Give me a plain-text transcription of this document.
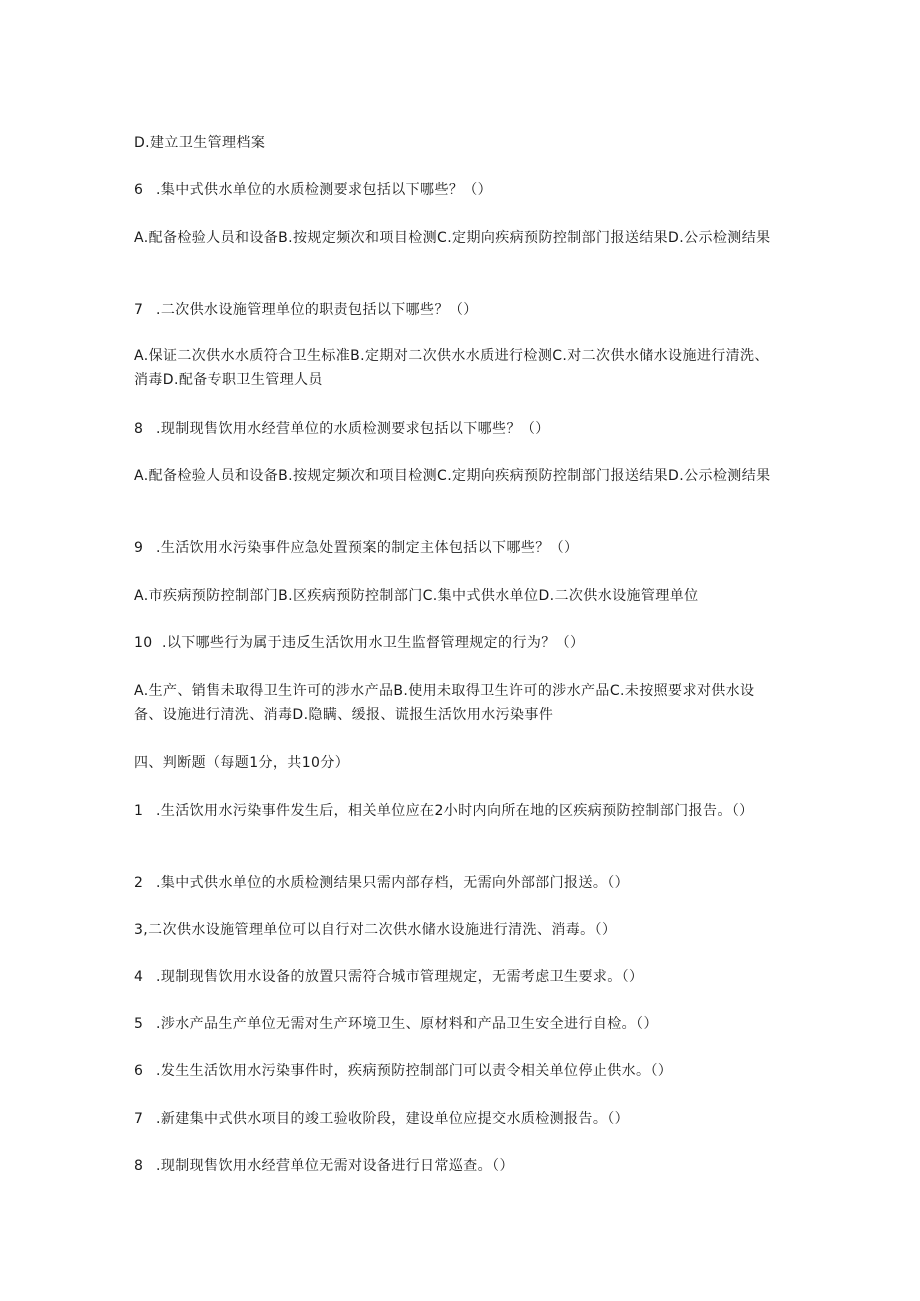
D.建立卫生管理档案
6 .集中式供水单位的水质检测要求包括以下哪些？（）
A.配备检验人员和设备B.按规定频次和项目检测C.定期向疾病预防控制部门报送结果D.公示检测结果
7 .二次供水设施管理单位的职责包括以下哪些？（）
A.保证二次供水水质符合卫生标准B.定期对二次供水水质进行检测C.对二次供水储水设施进行清洗、消毒D.配备专职卫生管理人员
8 .现制现售饮用水经营单位的水质检测要求包括以下哪些？（）
A.配备检验人员和设备B.按规定频次和项目检测C.定期向疾病预防控制部门报送结果D.公示检测结果
9 .生活饮用水污染事件应急处置预案的制定主体包括以下哪些？（）
A.市疾病预防控制部门B.区疾病预防控制部门C.集中式供水单位D.二次供水设施管理单位
10 .以下哪些行为属于违反生活饮用水卫生监督管理规定的行为？（）
A.生产、销售未取得卫生许可的涉水产品B.使用未取得卫生许可的涉水产品C.未按照要求对供水设备、设施进行清洗、消毒D.隐瞒、缓报、谎报生活饮用水污染事件
四、判断题（每题1分，共10分）
1 .生活饮用水污染事件发生后，相关单位应在2小时内向所在地的区疾病预防控制部门报告。（）
2 .集中式供水单位的水质检测结果只需内部存档，无需向外部部门报送。（）
3,二次供水设施管理单位可以自行对二次供水储水设施进行清洗、消毒。（）
4 .现制现售饮用水设备的放置只需符合城市管理规定，无需考虑卫生要求。（）
5 .涉水产品生产单位无需对生产环境卫生、原材料和产品卫生安全进行自检。（）
6 .发生生活饮用水污染事件时，疾病预防控制部门可以责令相关单位停止供水。（）
7 .新建集中式供水项目的竣工验收阶段，建设单位应提交水质检测报告。（）
8 .现制现售饮用水经营单位无需对设备进行日常巡查。（）
